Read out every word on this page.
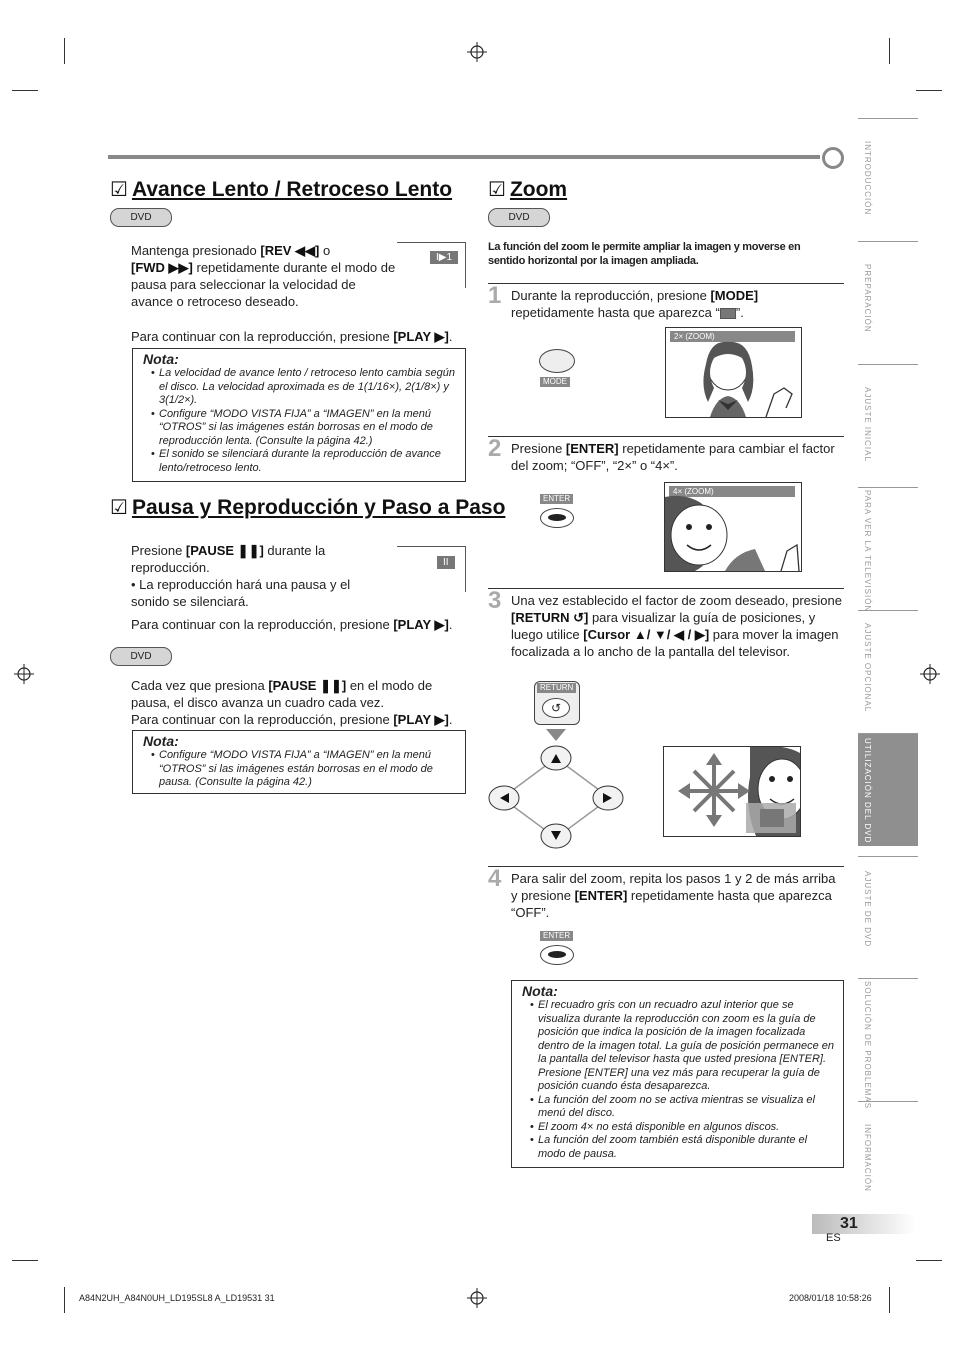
☑ Avance Lento / Retroceso Lento
DVD
Mantenga presionado [REV ◀◀] o
[FWD ▶▶] repetidamente durante el modo de pausa para seleccionar la velocidad de avance o retroceso deseado.
I▶1
Para continuar con la reproducción, presione [PLAY ▶].
Nota:
• La velocidad de avance lento / retroceso lento cambia según el disco. La velocidad aproximada es de 1(1/16×), 2(1/8×) y 3(1/2×).
• Configure “MODO VISTA FIJA” a “IMAGEN” en la menú “OTROS” si las imágenes están borrosas en el modo de reproducción lenta. (Consulte la página 42.)
• El sonido se silenciará durante la reproducción de avance lento/retroceso lento.
☑ Pausa y Reproducción y Paso a Paso
Presione [PAUSE ❚❚] durante la reproducción.
• La reproducción hará una pausa y el sonido se silenciará.
II
Para continuar con la reproducción, presione [PLAY ▶].
DVD
Cada vez que presiona [PAUSE ❚❚] en el modo de pausa, el disco avanza un cuadro cada vez.
Para continuar con la reproducción, presione [PLAY ▶].
Nota:
• Configure “MODO VISTA FIJA” a “IMAGEN” en la menú “OTROS” si las imágenes están borrosas en el modo de pausa. (Consulte la página 42.)
☑ Zoom
DVD
La función del zoom le permite ampliar la imagen y moverse en sentido horizontal por la imagen ampliada.
1 Durante la reproducción, presione [MODE] repetidamente hasta que aparezca “ ”.
MODE
2× (ZOOM)
2 Presione [ENTER] repetidamente para cambiar el factor del zoom; “OFF”, “2×” o “4×”.
ENTER
4× (ZOOM)
3 Una vez establecido el factor de zoom deseado, presione [RETURN ↺] para visualizar la guía de posiciones, y luego utilice [Cursor ▲/ ▼/ ◀ / ▶] para mover la imagen focalizada a lo ancho de la pantalla del televisor.
RETURN
↺
4 Para salir del zoom, repita los pasos 1 y 2 de más arriba y presione [ENTER] repetidamente hasta que aparezca “OFF”.
ENTER
Nota:
• El recuadro gris con un recuadro azul interior que se visualiza durante la reproducción con zoom es la guía de posición que indica la posición de la imagen focalizada dentro de la imagen total. La guía de posición permanece en la pantalla del televisor hasta que usted presiona [ENTER]. Presione [ENTER] una vez más para recuperar la guía de posición cuando ésta desaparezca.
• La función del zoom no se activa mientras se visualiza el menú del disco.
• El zoom 4× no está disponible en algunos discos.
• La función del zoom también está disponible durante el modo de pausa.
INTRODUCCIÓN
PREPARACIÓN
AJUSTE INICIAL
PARA VER LA TELEVISIÓN
AJUSTE OPCIONAL
UTILIZACIÓN DEL DVD
AJUSTE DE DVD
SOLUCIÓN DE PROBLEMAS
INFORMACIÓN
31
ES
A84N2UH_A84N0UH_LD195SL8 A_LD19531 31	2008/01/18 10:58:26
